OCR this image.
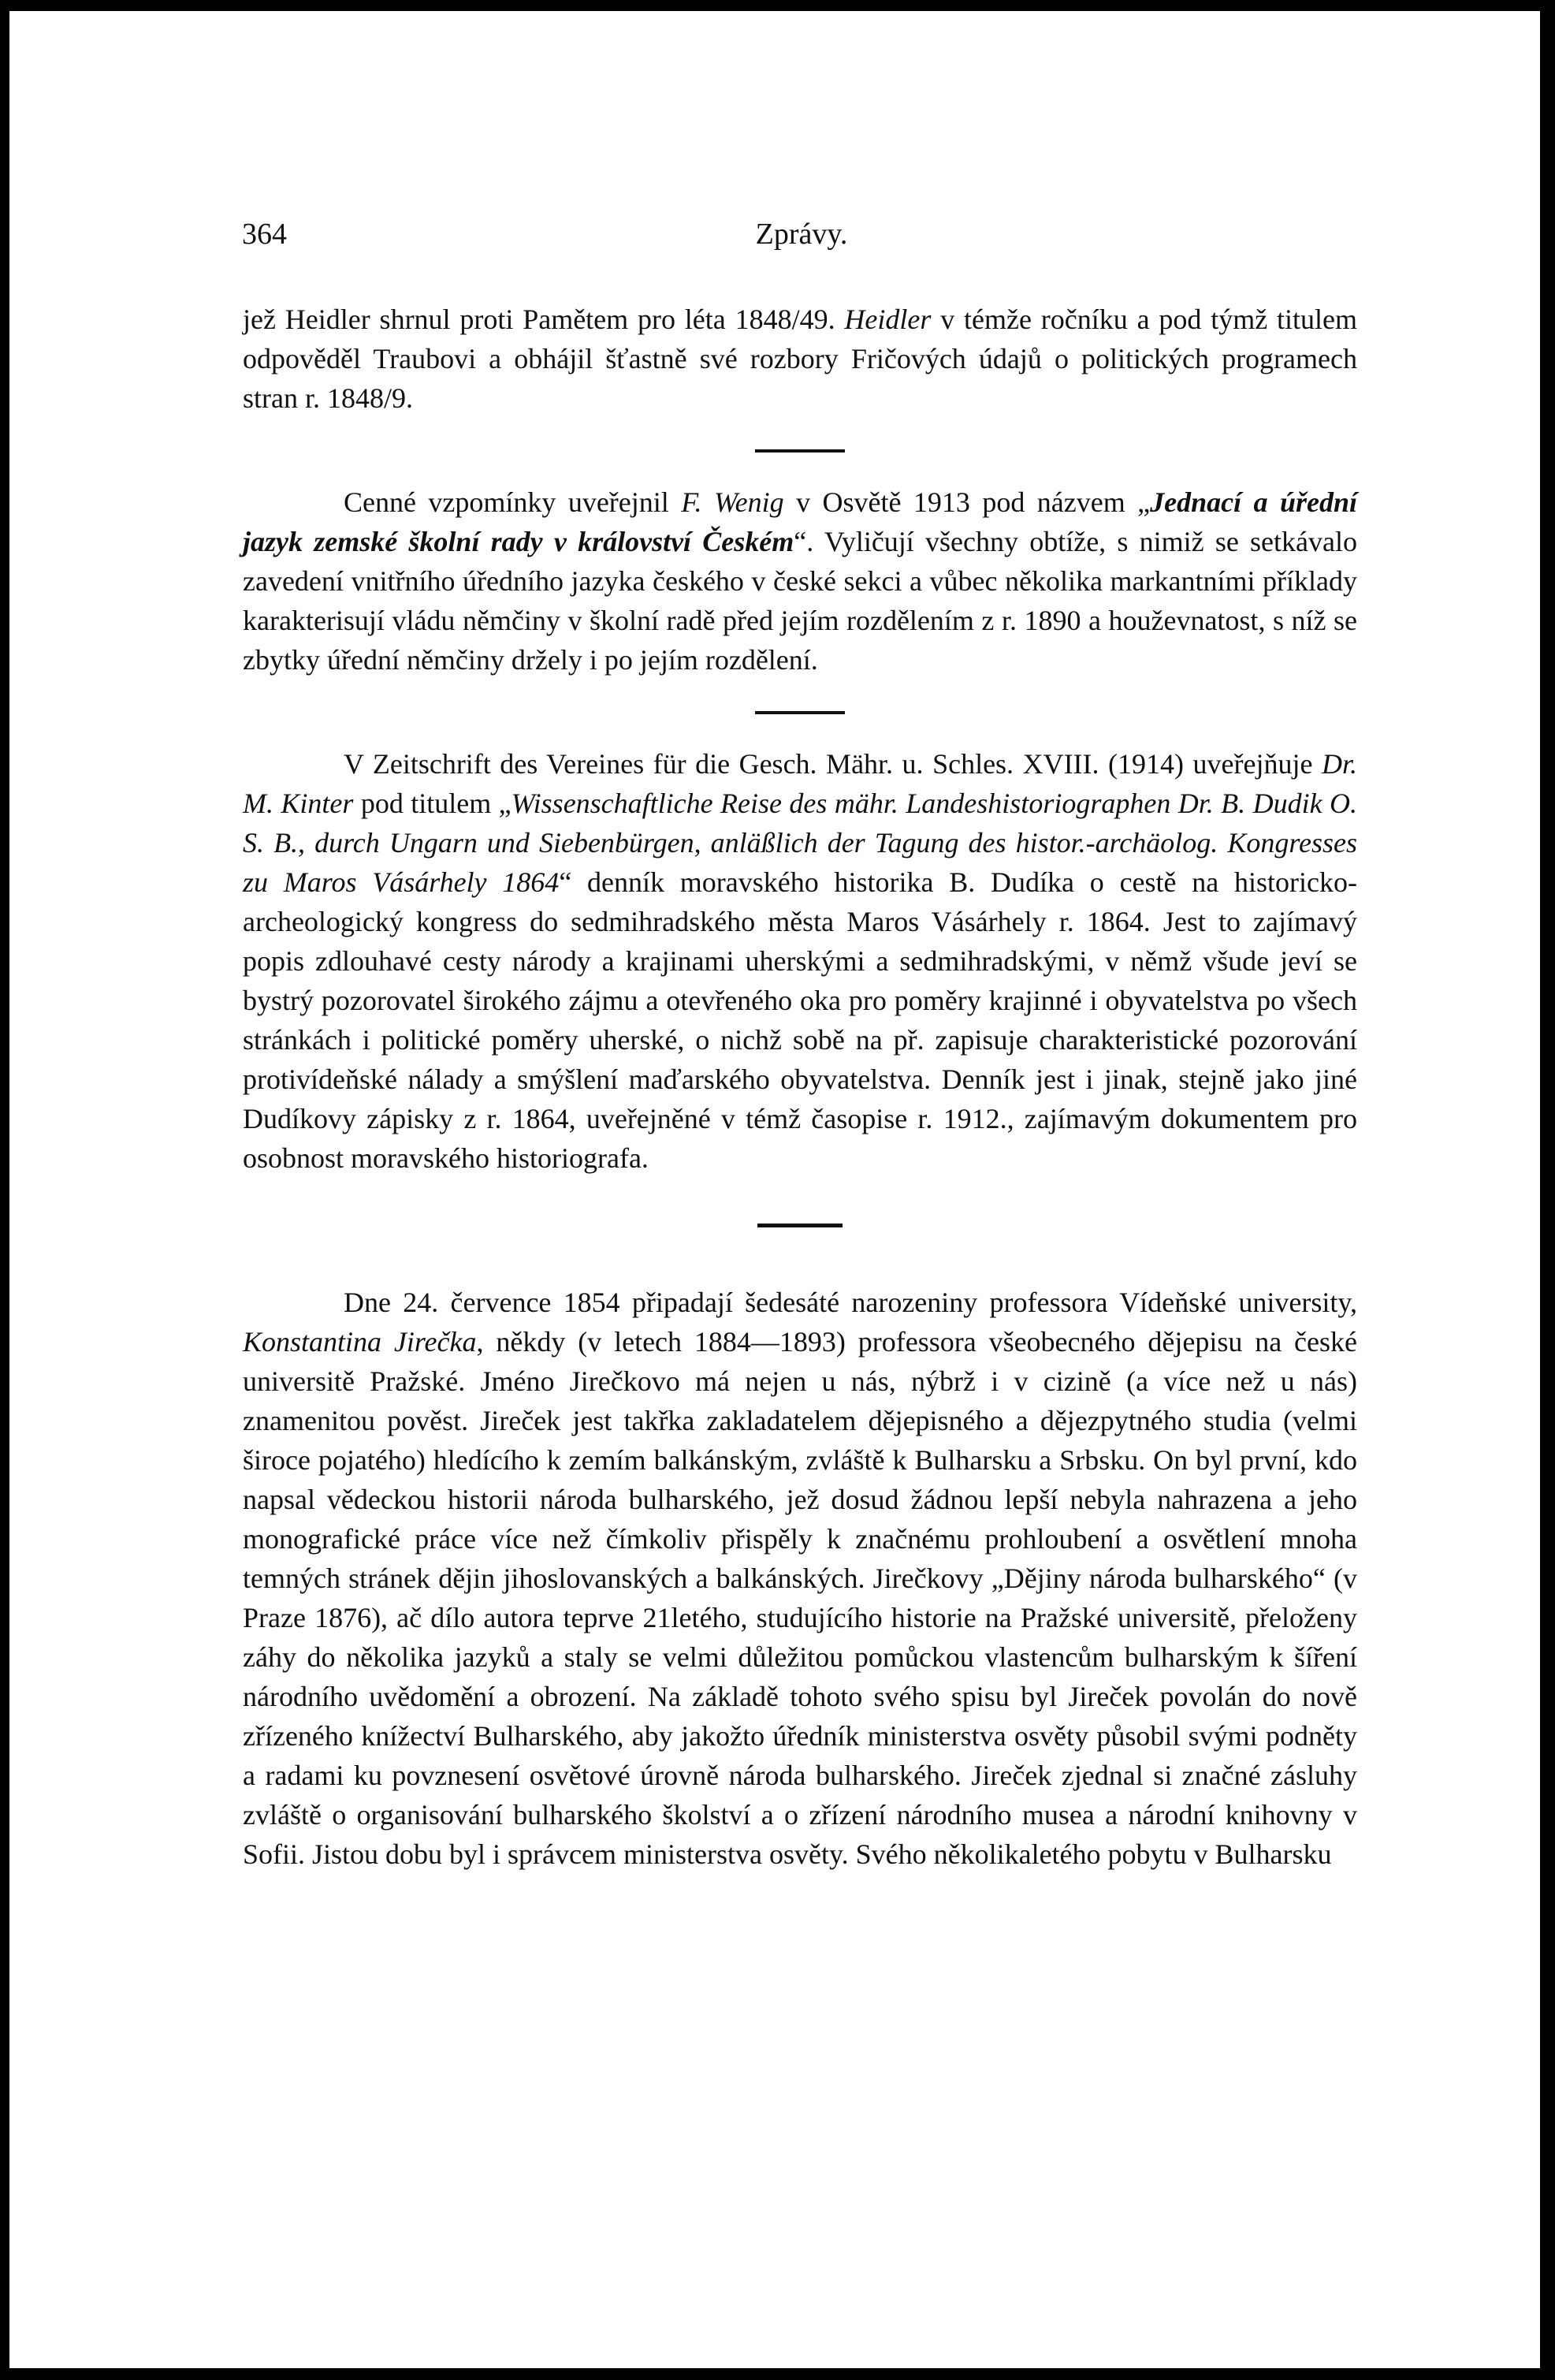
364	Zprávy.

jež Heidler shrnul proti Pamětem pro léta 1848/49. Heidler v témže ročníku a pod týmž titulem odpověděl Traubovi a obhájil šťastně své rozbory Fričových údajů o politických programech stran r. 1848/9.

Cenné vzpomínky uveřejnil F. Wenig v Osvětě 1913 pod názvem „Jednací a úřední jazyk zemské školní rady v království Českém“. Vyličují všechny obtíže, s nimiž se setkávalo zavedení vnitřního úředního jazyka českého v české sekci a vůbec několika markantními příklady karakterisují vládu němčiny v školní radě před jejím rozdělením z r. 1890 a houževnatost, s níž se zbytky úřední němčiny držely i po jejím rozdělení.

V Zeitschrift des Vereines für die Gesch. Mähr. u. Schles. XVIII. (1914) uveřejňuje Dr. M. Kinter pod titulem „Wissenschaftliche Reise des mähr. Landeshistoriographen Dr. B. Dudik O. S. B., durch Ungarn und Siebenbürgen, anläßlich der Tagung des histor.-archäolog. Kongresses zu Maros Vásárhely 1864“ denník moravského historika B. Dudíka o cestě na historicko-archeologický kongress do sedmihradského města Maros Vásárhely r. 1864. Jest to zajímavý popis zdlouhavé cesty národy a krajinami uherskými a sedmihradskými, v němž všude jeví se bystrý pozorovatel širokého zájmu a otevřeného oka pro poměry krajinné i obyvatelstva po všech stránkách i politické poměry uherské, o nichž sobě na př. zapisuje charakteristické pozorování protivídeňské nálady a smýšlení maďarského obyvatelstva. Denník jest i jinak, stejně jako jiné Dudíkovy zápisky z r. 1864, uveřejněné v témž časopise r. 1912., zajímavým dokumentem pro osobnost moravského historiografa.

Dne 24. července 1854 připadají šedesáté narozeniny professora Vídeňské university, Konstantina Jirečka, někdy (v letech 1884—1893) professora všeobecného dějepisu na české universitě Pražské. Jméno Jirečkovo má nejen u nás, nýbrž i v cizině (a více než u nás) znamenitou pověst. Jireček jest takřka zakladatelem dějepisného a dějezpytného studia (velmi široce pojatého) hledícího k zemím balkánským, zvláště k Bulharsku a Srbsku. On byl první, kdo napsal vědeckou historii národa bulharského, jež dosud žádnou lepší nebyla nahrazena a jeho monografické práce více než čímkoliv přispěly k značnému prohloubení a osvětlení mnoha temných stránek dějin jihoslovanských a balkánských. Jirečkovy „Dějiny národa bulharského“ (v Praze 1876), ač dílo autora teprve 21letého, studujícího historie na Pražské universitě, přeloženy záhy do několika jazyků a staly se velmi důležitou pomůckou vlastencům bulharským k šíření národního uvědomění a obrození. Na základě tohoto svého spisu byl Jireček povolán do nově zřízeného knížectví Bulharského, aby jakožto úředník ministerstva osvěty působil svými podněty a radami ku povznesení osvětové úrovně národa bulharského. Jireček zjednal si značné zásluhy zvláště o organisování bulharského školství a o zřízení národního musea a národní knihovny v Sofii. Jistou dobu byl i správcem ministerstva osvěty. Svého několikaletého pobytu v Bulharsku
